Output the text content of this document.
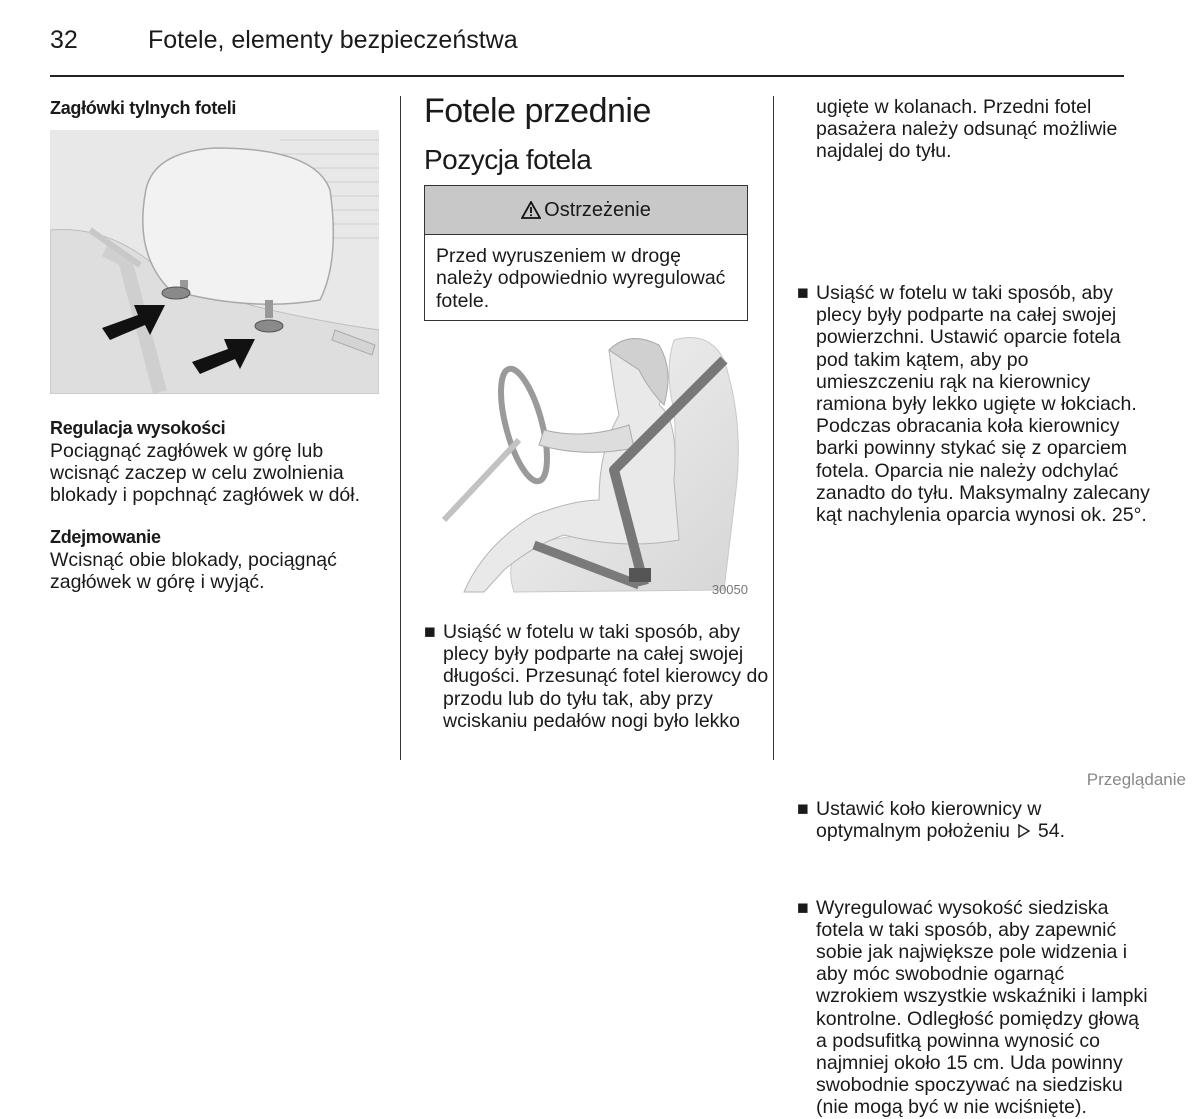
32	Fotele, elementy bezpieczeństwa
Zagłówki tylnych foteli
Regulacja wysokości
Pociągnąć zagłówek w górę lub wcisnąć zaczep w celu zwolnienia blokady i popchnąć zagłówek w dół.
Zdejmowanie
Wcisnąć obie blokady, pociągnąć zagłówek w górę i wyjąć.
Fotele przednie
Pozycja fotela
Ostrzeżenie
Przed wyruszeniem w drogę należy odpowiednio wyregulować fotele.
30050
■ Usiąść w fotelu w taki sposób, aby plecy były podparte na całej swojej długości. Przesunąć fotel kierowcy do przodu lub do tyłu tak, aby przy wciskaniu pedałów nogi było lekko
ugięte w kolanach. Przedni fotel pasażera należy odsunąć możliwie najdalej do tyłu.
■ Usiąść w fotelu w taki sposób, aby plecy były podparte na całej swojej powierzchni. Ustawić oparcie fotela pod takim kątem, aby po umieszczeniu rąk na kierownicy ramiona były lekko ugięte w łokciach. Podczas obracania koła kierownicy barki powinny stykać się z oparciem fotela. Oparcia nie należy odchylać zanadto do tyłu. Maksymalny zalecany kąt nachylenia oparcia wynosi ok. 25°.
■ Ustawić koło kierownicy w optymalnym położeniu 54.
■ Wyregulować wysokość siedziska fotela w taki sposób, aby zapewnić sobie jak największe pole widzenia i aby móc swobodnie ogarnąć wzrokiem wszystkie wskaźniki i lampki kontrolne. Odległość pomiędzy głową a podsufitką powinna wynosić co najmniej około 15 cm. Uda powinny swobodnie spoczywać na siedzisku (nie mogą być w nie wciśnięte).
Przeglądanie
